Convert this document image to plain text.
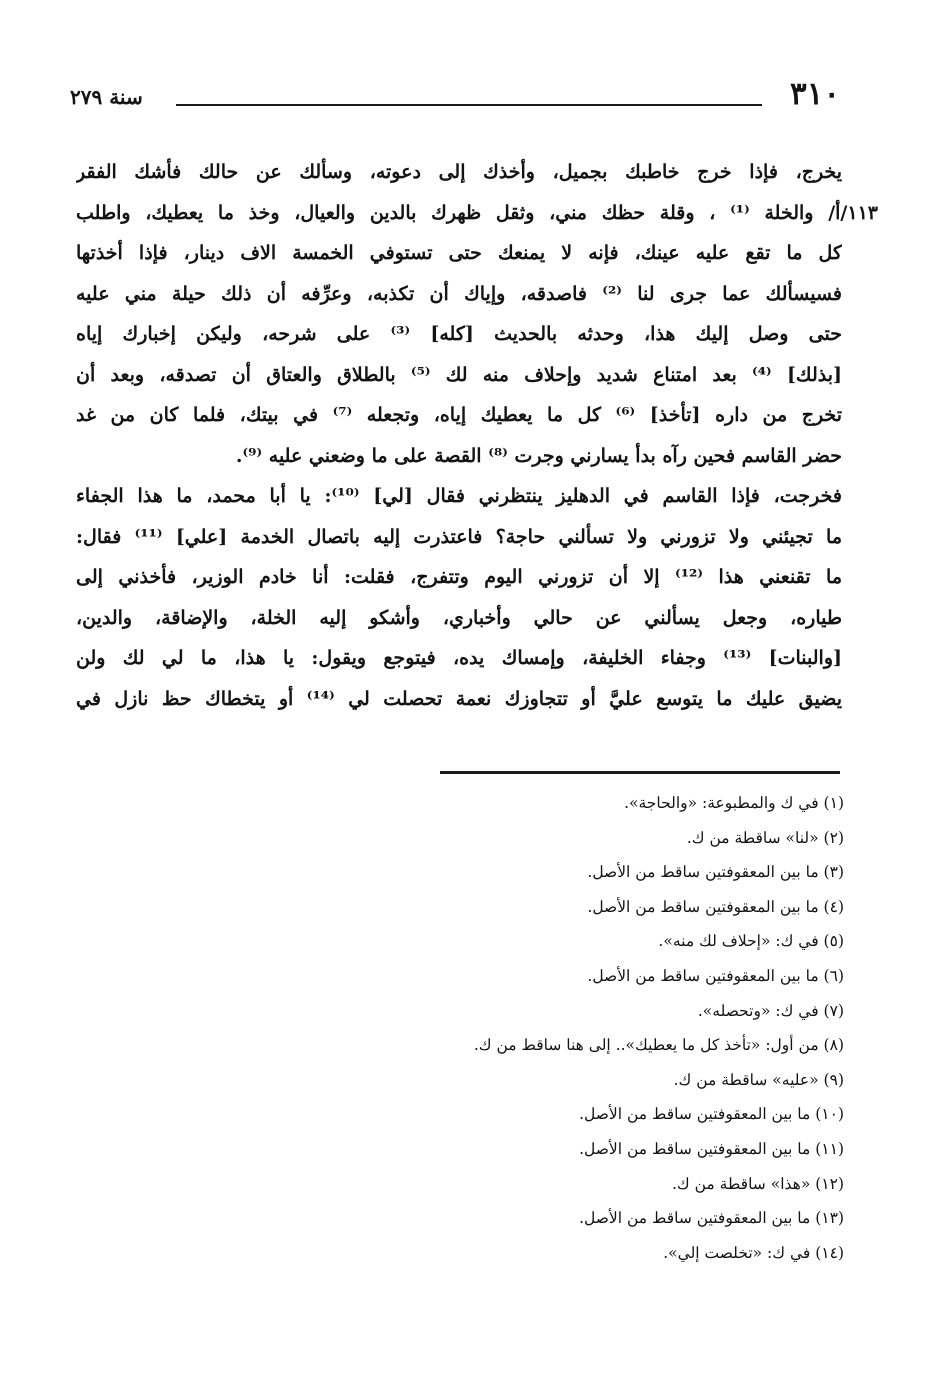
٣١٠
سنة ٢٧٩
يخرج، فإذا خرج خاطبك بجميل، وأخذك إلى دعوته، وسألك عن حالك فأشك الفقر
١١٣/أ/ والخلة ⁽¹⁾ ، وقلة حظك مني، وثقل ظهرك بالدين والعيال، وخذ ما يعطيك، واطلب
كل ما تقع عليه عينك، فإنه لا يمنعك حتى تستوفي الخمسة الاف دينار، فإذا أخذتها
فسيسألك عما جرى لنا ⁽²⁾ فاصدقه، وإياك أن تكذبه، وعرِّفه أن ذلك حيلة مني عليه
حتى وصل إليك هذا، وحدثه بالحديث [كله] ⁽³⁾ على شرحه، وليكن إخبارك إياه
[بذلك] ⁽⁴⁾ بعد امتناع شديد وإحلاف منه لك ⁽⁵⁾ بالطلاق والعتاق أن تصدقه، وبعد أن
تخرج من داره [تأخذ] ⁽⁶⁾ كل ما يعطيك إياه، وتجعله ⁽⁷⁾ في بيتك، فلما كان من غد
حضر القاسم فحين رآه بدأ يسارني وجرت ⁽⁸⁾ القصة على ما وضعني عليه ⁽⁹⁾.
فخرجت، فإذا القاسم في الدهليز ينتظرني فقال [لي] ⁽¹⁰⁾: يا أبا محمد، ما هذا الجفاء
ما تجيئني ولا تزورني ولا تسألني حاجة؟ فاعتذرت إليه باتصال الخدمة [علي] ⁽¹¹⁾ فقال:
ما تقنعني هذا ⁽¹²⁾ إلا أن تزورني اليوم وتتفرج، فقلت: أنا خادم الوزير، فأخذني إلى
طياره، وجعل يسألني عن حالي وأخباري، وأشكو إليه الخلة، والإضاقة، والدين،
[والبنات] ⁽¹³⁾ وجفاء الخليفة، وإمساك يده، فيتوجع ويقول: يا هذا، ما لي لك ولن
يضيق عليك ما يتوسع عليَّ أو تتجاوزك نعمة تحصلت لي ⁽¹⁴⁾ أو يتخطاك حظ نازل في
(١) في ك والمطبوعة: «والحاجة».
(٢) «لنا» ساقطة من ك.
(٣) ما بين المعقوفتين ساقط من الأصل.
(٤) ما بين المعقوفتين ساقط من الأصل.
(٥) في ك: «إحلاف لك منه».
(٦) ما بين المعقوفتين ساقط من الأصل.
(٧) في ك: «وتحصله».
(٨) من أول: «تأخذ كل ما يعطيك».. إلى هنا ساقط من ك.
(٩) «عليه» ساقطة من ك.
(١٠) ما بين المعقوفتين ساقط من الأصل.
(١١) ما بين المعقوفتين ساقط من الأصل.
(١٢) «هذا» ساقطة من ك.
(١٣) ما بين المعقوفتين ساقط من الأصل.
(١٤) في ك: «تخلصت إلي».
